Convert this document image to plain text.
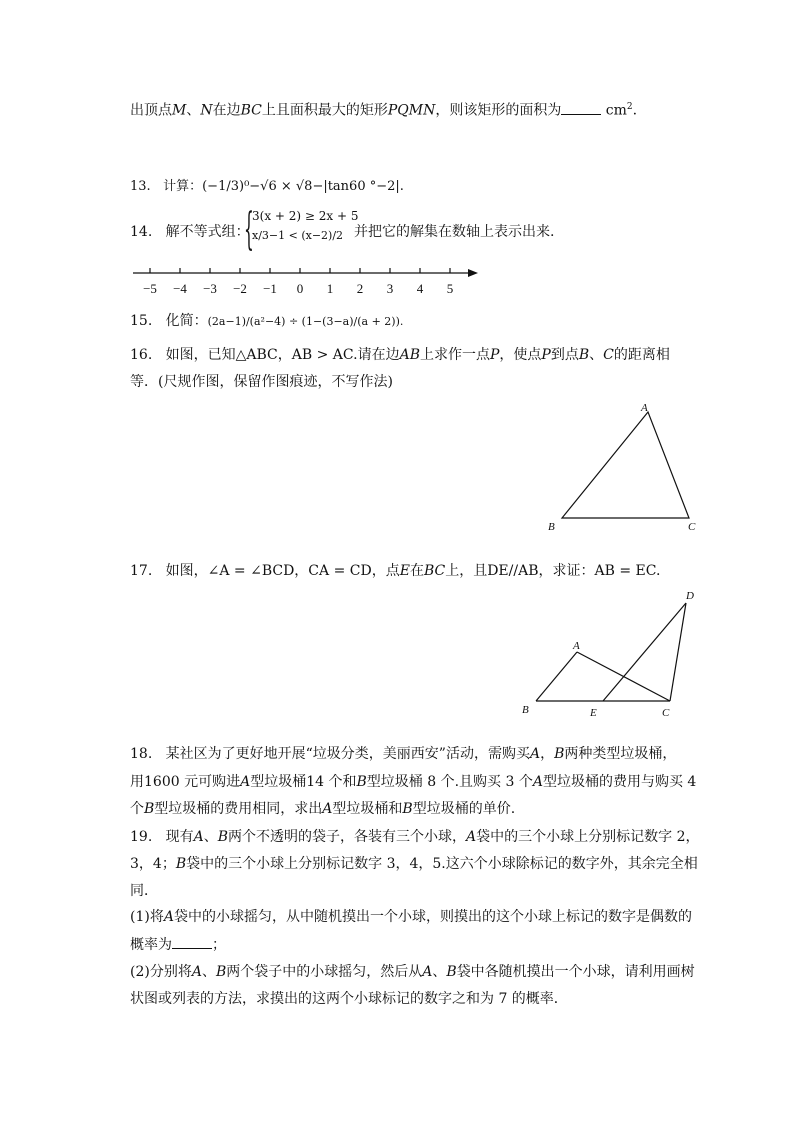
出顶点M、N在边BC上且面积最大的矩形PQMN，则该矩形的面积为	$cm^2$.
13. 计算：(−1/3)⁰−√6 × √8−|tan60 °−2|.
14. 解不等式组：
{
3(x + 2) ≥ 2x + 5
x/3−1 < (x−2)/2 并把它的解集在数轴上表示出来.
−5 −4 −3 −2 −1 0 1 2 3 4 5
15. 化简：(2a−1)/(a²−4) ÷ (1−(3−a)/(a + 2)).
16. 如图，已知△ABC，AB > AC.请在边AB上求作一点P，使点P到点B、C的距离相
等．(尺规作图，保留作图痕迹，不写作法)
A
B	C
17. 如图，∠A = ∠BCD，CA = CD，点E在BC上，且DE//AB，求证：AB = EC.
A
B	C
D
E
18. 某社区为了更好地开展“垃圾分类，美丽西安”活动，需购买A，B两种类型垃圾桶，
用1600 元可购进A型垃圾桶14 个和B型垃圾桶 8 个.且购买 3 个A型垃圾桶的费用与购买 4
个B型垃圾桶的费用相同，求出A型垃圾桶和B型垃圾桶的单价.
19. 现有A、B两个不透明的袋子，各装有三个小球，A袋中的三个小球上分别标记数字 2，
3，4；B袋中的三个小球上分别标记数字 3，4，5.这六个小球除标记的数字外，其余完全相
同．
(1)将A袋中的小球摇匀，从中随机摸出一个小球，则摸出的这个小球上标记的数字是偶数的
概率为	；
(2)分别将A、B两个袋子中的小球摇匀，然后从A、B袋中各随机摸出一个小球，请利用画树
状图或列表的方法，求摸出的这两个小球标记的数字之和为 7 的概率．
